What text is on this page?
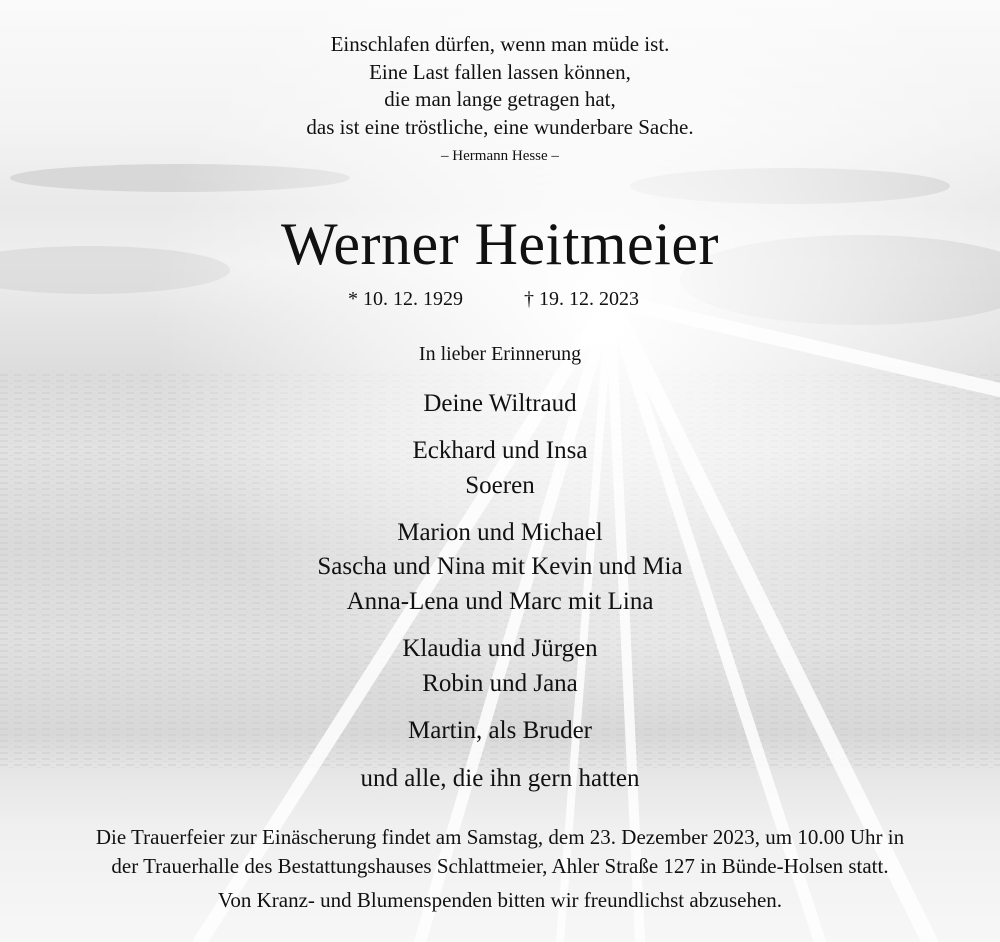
Einschlafen dürfen, wenn man müde ist.
Eine Last fallen lassen können,
die man lange getragen hat,
das ist eine tröstliche, eine wunderbare Sache.
– Hermann Hesse –
Werner Heitmeier
* 10. 12. 1929	† 19. 12. 2023
In lieber Erinnerung
Deine Wiltraud
Eckhard und Insa
Soeren
Marion und Michael
Sascha und Nina mit Kevin und Mia
Anna-Lena und Marc mit Lina
Klaudia und Jürgen
Robin und Jana
Martin, als Bruder
und alle, die ihn gern hatten
Die Trauerfeier zur Einäscherung findet am Samstag, dem 23. Dezember 2023, um 10.00 Uhr in
der Trauerhalle des Bestattungshauses Schlattmeier, Ahler Straße 127 in Bünde-Holsen statt.
Von Kranz- und Blumenspenden bitten wir freundlichst abzusehen.
